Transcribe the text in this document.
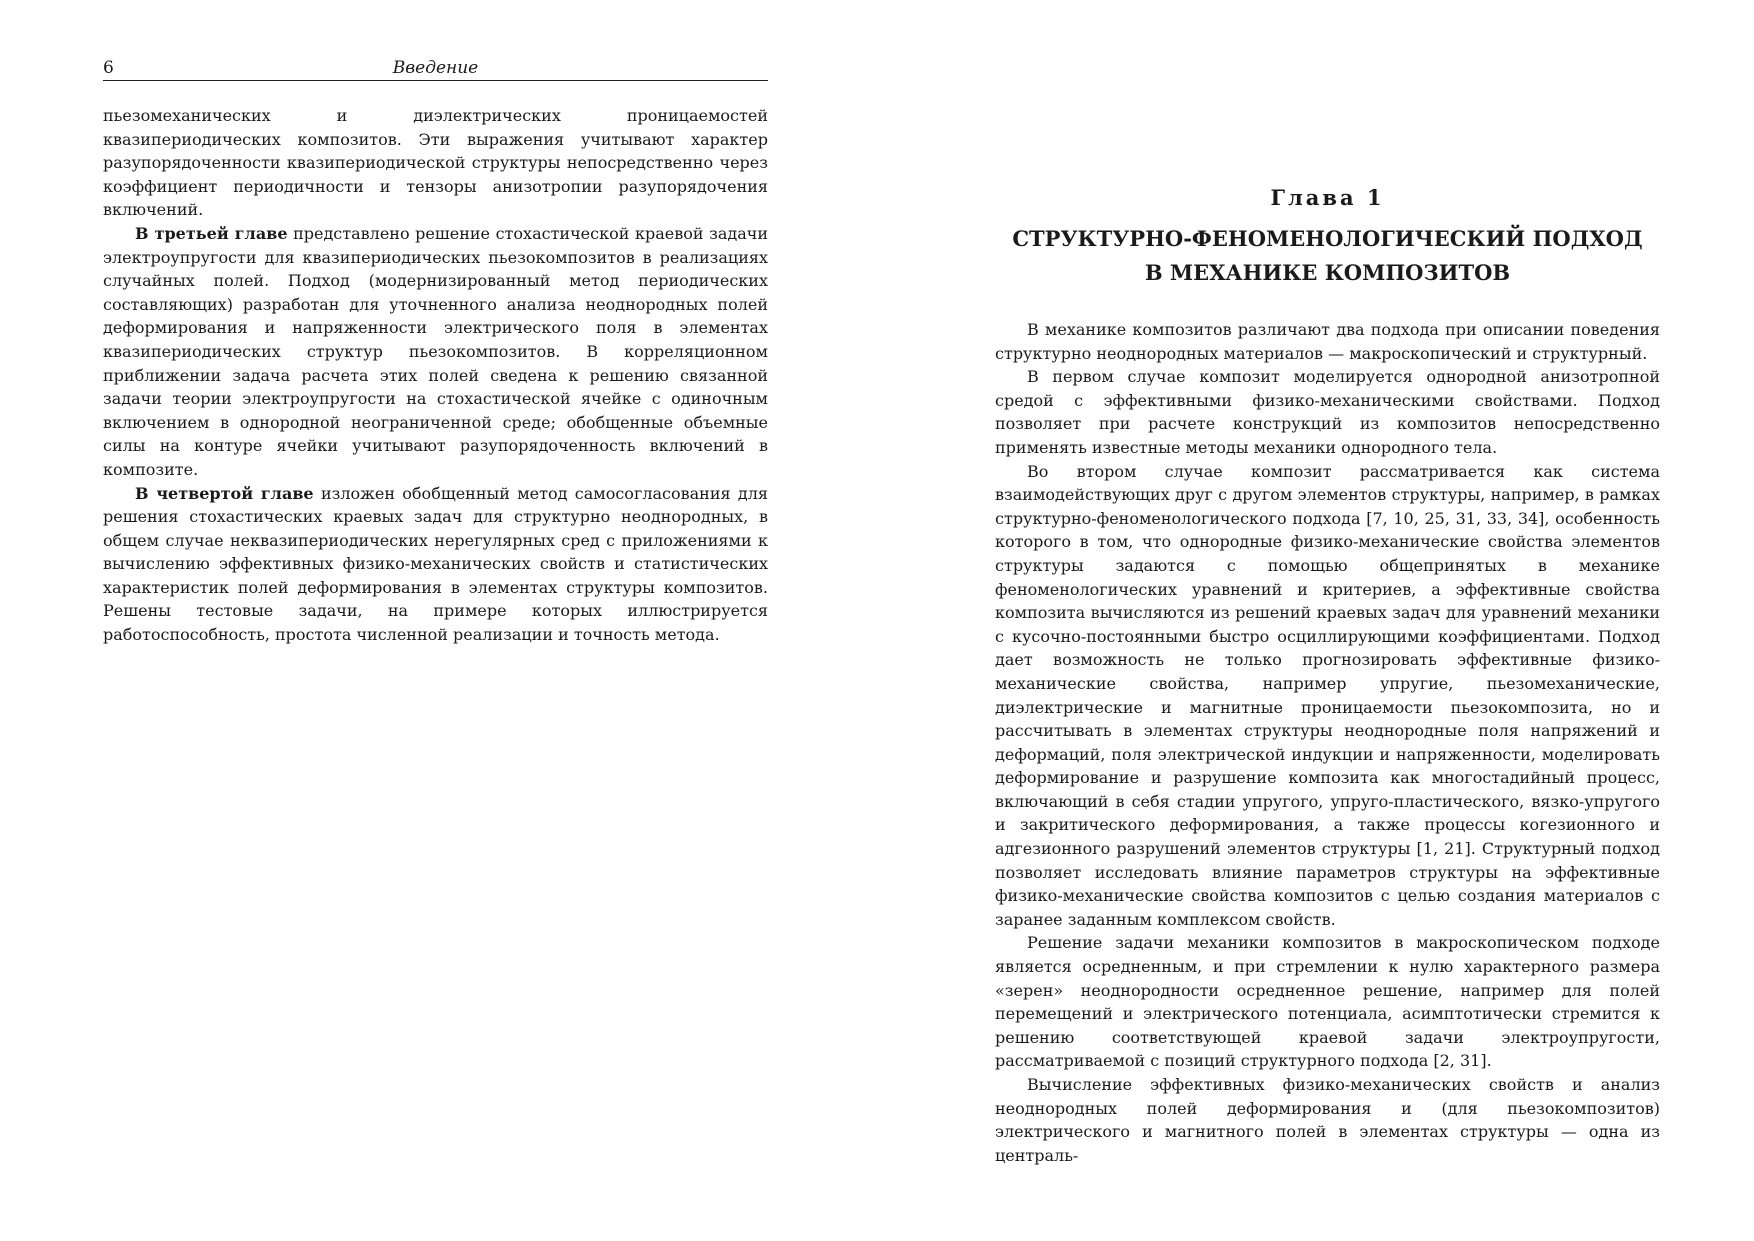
6	Введение

пьезомеханических и диэлектрических проницаемостей квазипериодических композитов. Эти выражения учитывают характер разупорядоченности квазипериодической структуры непосредственно через коэффициент периодичности и тензоры анизотропии разупорядочения включений.

В третьей главе представлено решение стохастической краевой задачи электроупругости для квазипериодических пьезокомпозитов в реализациях случайных полей. Подход (модернизированный метод периодических составляющих) разработан для уточненного анализа неоднородных полей деформирования и напряженности электрического поля в элементах квазипериодических структур пьезокомпозитов. В корреляционном приближении задача расчета этих полей сведена к решению связанной задачи теории электроупругости на стохастической ячейке с одиночным включением в однородной неограниченной среде; обобщенные объемные силы на контуре ячейки учитывают разупорядоченность включений в композите.

В четвертой главе изложен обобщенный метод самосогласования для решения стохастических краевых задач для структурно неоднородных, в общем случае неквазипериодических нерегулярных сред с приложениями к вычислению эффективных физико-механических свойств и статистических характеристик полей деформирования в элементах структуры композитов. Решены тестовые задачи, на примере которых иллюстрируется работоспособность, простота численной реализации и точность метода.

Глава 1
СТРУКТУРНО-ФЕНОМЕНОЛОГИЧЕСКИЙ ПОДХОД
В МЕХАНИКЕ КОМПОЗИТОВ

В механике композитов различают два подхода при описании поведения структурно неоднородных материалов — макроскопический и структурный.

В первом случае композит моделируется однородной анизотропной средой с эффективными физико-механическими свойствами. Подход позволяет при расчете конструкций из композитов непосредственно применять известные методы механики однородного тела.

Во втором случае композит рассматривается как система взаимодействующих друг с другом элементов структуры, например, в рамках структурно-феноменологического подхода [7, 10, 25, 31, 33, 34], особенность которого в том, что однородные физико-механические свойства элементов структуры задаются с помощью общепринятых в механике феноменологических уравнений и критериев, а эффективные свойства композита вычисляются из решений краевых задач для уравнений механики с кусочно-постоянными быстро осциллирующими коэффициентами. Подход дает возможность не только прогнозировать эффективные физико-механические свойства, например упругие, пьезомеханические, диэлектрические и магнитные проницаемости пьезокомпозита, но и рассчитывать в элементах структуры неоднородные поля напряжений и деформаций, поля электрической индукции и напряженности, моделировать деформирование и разрушение композита как многостадийный процесс, включающий в себя стадии упругого, упруго-пластического, вязко-упругого и закритического деформирования, а также процессы когезионного и адгезионного разрушений элементов структуры [1, 21]. Структурный подход позволяет исследовать влияние параметров структуры на эффективные физико-механические свойства композитов с целью создания материалов с заранее заданным комплексом свойств.

Решение задачи механики композитов в макроскопическом подходе является осредненным, и при стремлении к нулю характерного размера «зерен» неоднородности осредненное решение, например для полей перемещений и электрического потенциала, асимптотически стремится к решению соответствующей краевой задачи электроупругости, рассматриваемой с позиций структурного подхода [2, 31].

Вычисление эффективных физико-механических свойств и анализ неоднородных полей деформирования и (для пьезокомпозитов) электрического и магнитного полей в элементах структуры — одна из централь-
